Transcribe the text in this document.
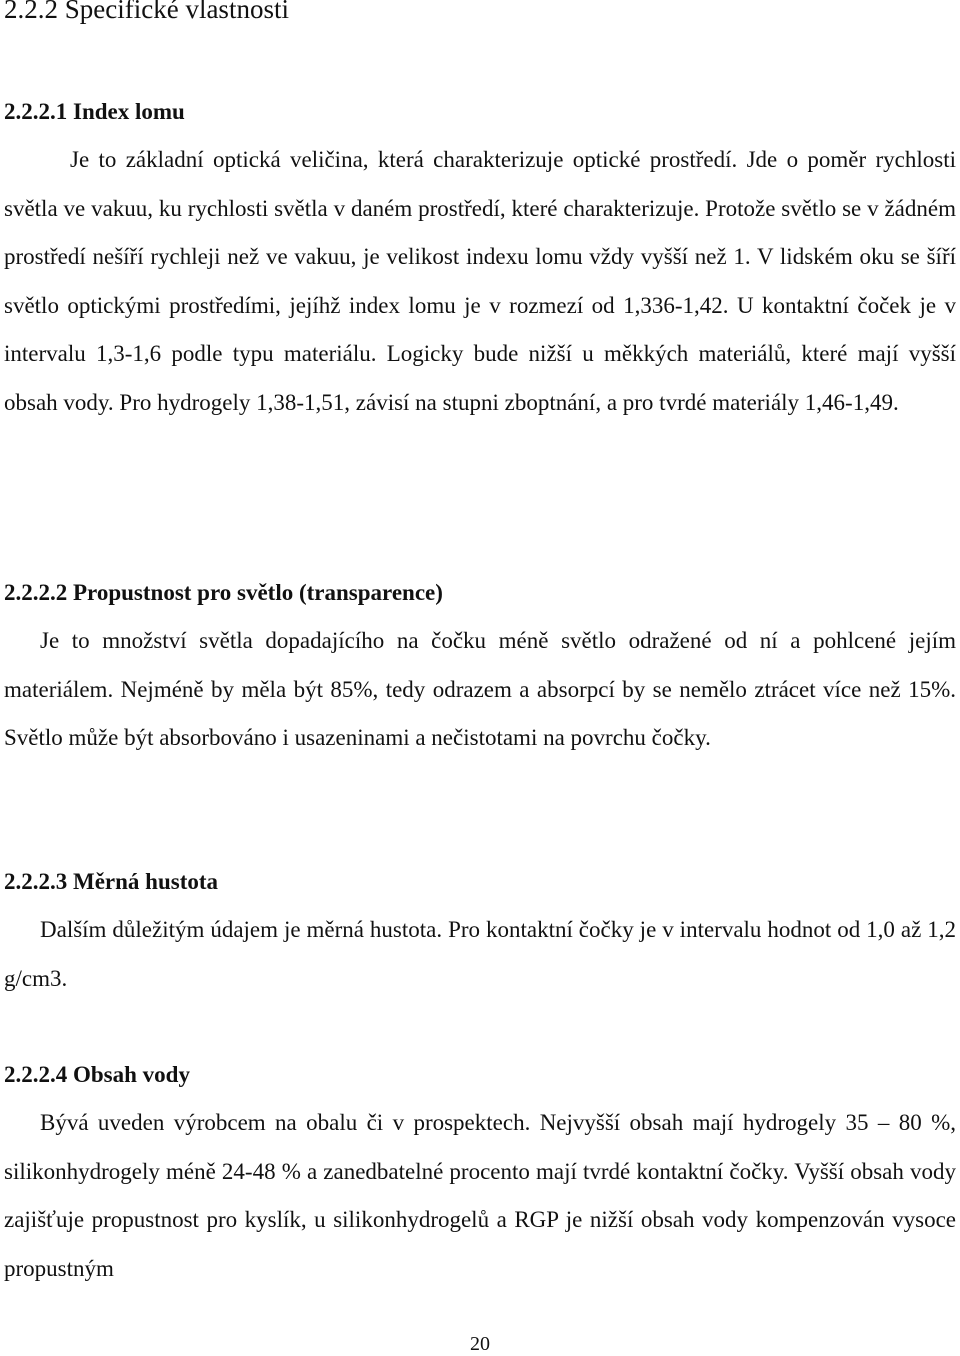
2.2.2 Specifické vlastnosti
2.2.2.1 Index lomu

Je to základní optická veličina, která charakterizuje optické prostředí. Jde o poměr rychlosti světla ve vakuu, ku rychlosti světla v daném prostředí, které charakterizuje. Protože světlo se v žádném prostředí nešíří rychleji než ve vakuu, je velikost indexu lomu vždy vyšší než 1. V lidském oku se šíří světlo optickými prostředími, jejíhž index lomu je v rozmezí od 1,336-1,42. U kontaktní čoček je v intervalu 1,3-1,6 podle typu materiálu. Logicky bude nižší u měkkých materiálů, které mají vyšší obsah vody. Pro hydrogely 1,38-1,51, závisí na stupni zboptnání, a pro tvrdé materiály 1,46-1,49.

2.2.2.2 Propustnost pro světlo (transparence)

Je to množství světla dopadajícího na čočku méně světlo odražené od ní a pohlcené jejím materiálem. Nejméně by měla být 85%, tedy odrazem a absorpcí by se nemělo ztrácet více než 15%. Světlo může být absorbováno i usazeninami a nečistotami na povrchu čočky.

2.2.2.3 Měrná hustota

Dalším důležitým údajem je měrná hustota. Pro kontaktní čočky je v intervalu hodnot od 1,0 až 1,2 g/cm3.

2.2.2.4 Obsah vody

Bývá uveden výrobcem na obalu či v prospektech. Nejvyšší obsah mají hydrogely 35 – 80 %, silikonhydrogely méně 24-48 % a zanedbatelné procento mají tvrdé kontaktní čočky. Vyšší obsah vody zajišťuje propustnost pro kyslík, u silikonhydrogelů a RGP je nižší obsah vody kompenzován vysoce propustným

20
